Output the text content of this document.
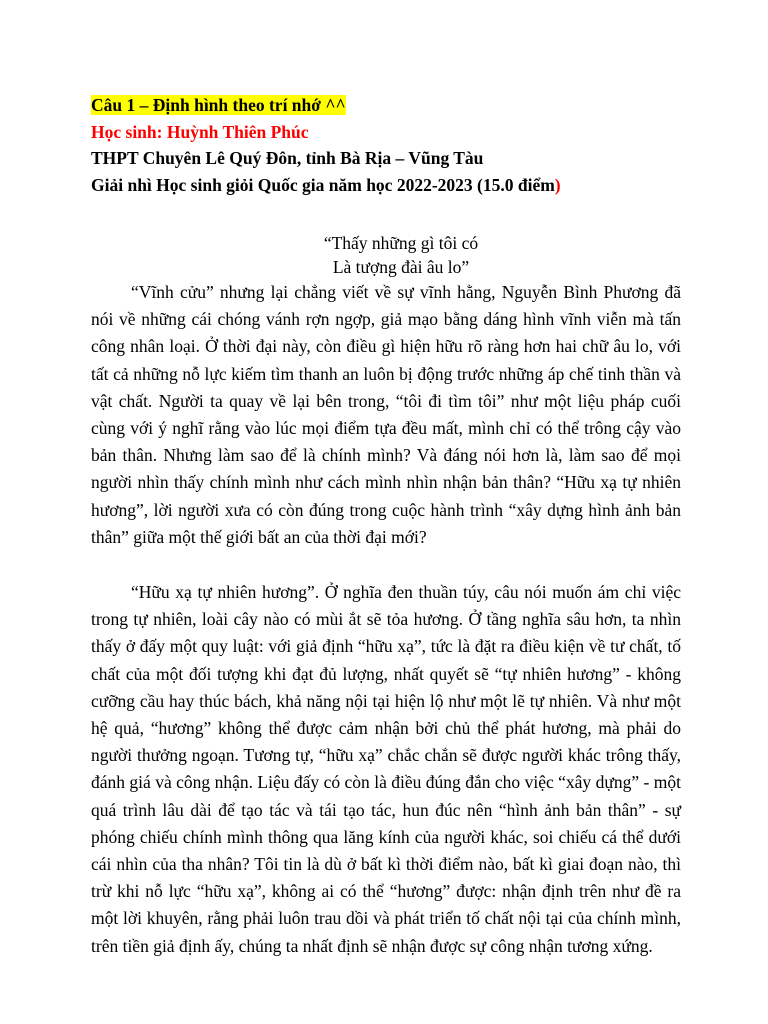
Câu 1 – Định hình theo trí nhớ ^^
Học sinh: Huỳnh Thiên Phúc
THPT Chuyên Lê Quý Đôn, tỉnh Bà Rịa – Vũng Tàu
Giải nhì Học sinh giỏi Quốc gia năm học 2022-2023 (15.0 điểm)
“Thấy những gì tôi có
Là tượng đài âu lo”

“Vĩnh cửu” nhưng lại chẳng viết về sự vĩnh hằng, Nguyễn Bình Phương đã nói về những cái chóng vánh rợn ngợp, giả mạo bằng dáng hình vĩnh viễn mà tấn công nhân loại. Ở thời đại này, còn điều gì hiện hữu rõ ràng hơn hai chữ âu lo, với tất cả những nỗ lực kiếm tìm thanh an luôn bị động trước những áp chế tinh thần và vật chất. Người ta quay về lại bên trong, “tôi đi tìm tôi” như một liệu pháp cuối cùng với ý nghĩ rằng vào lúc mọi điểm tựa đều mất, mình chỉ có thể trông cậy vào bản thân. Nhưng làm sao để là chính mình? Và đáng nói hơn là, làm sao để mọi người nhìn thấy chính mình như cách mình nhìn nhận bản thân? “Hữu xạ tự nhiên hương”, lời người xưa có còn đúng trong cuộc hành trình “xây dựng hình ảnh bản thân” giữa một thế giới bất an của thời đại mới?

“Hữu xạ tự nhiên hương”. Ở nghĩa đen thuần túy, câu nói muốn ám chỉ việc trong tự nhiên, loài cây nào có mùi ắt sẽ tỏa hương. Ở tầng nghĩa sâu hơn, ta nhìn thấy ở đấy một quy luật: với giả định “hữu xạ”, tức là đặt ra điều kiện về tư chất, tố chất của một đối tượng khi đạt đủ lượng, nhất quyết sẽ “tự nhiên hương” - không cưỡng cầu hay thúc bách, khả năng nội tại hiện lộ như một lẽ tự nhiên. Và như một hệ quả, “hương” không thể được cảm nhận bởi chủ thể phát hương, mà phải do người thưởng ngoạn. Tương tự, “hữu xạ” chắc chắn sẽ được người khác trông thấy, đánh giá và công nhận. Liệu đấy có còn là điều đúng đắn cho việc “xây dựng” - một quá trình lâu dài để tạo tác và tái tạo tác, hun đúc nên “hình ảnh bản thân” - sự phóng chiếu chính mình thông qua lăng kính của người khác, soi chiếu cá thể dưới cái nhìn của tha nhân? Tôi tin là dù ở bất kì thời điểm nào, bất kì giai đoạn nào, thì trừ khi nỗ lực “hữu xạ”, không ai có thể “hương” được: nhận định trên như đề ra một lời khuyên, rằng phải luôn trau dồi và phát triển tố chất nội tại của chính mình, trên tiền giả định ấy, chúng ta nhất định sẽ nhận được sự công nhận tương xứng.
